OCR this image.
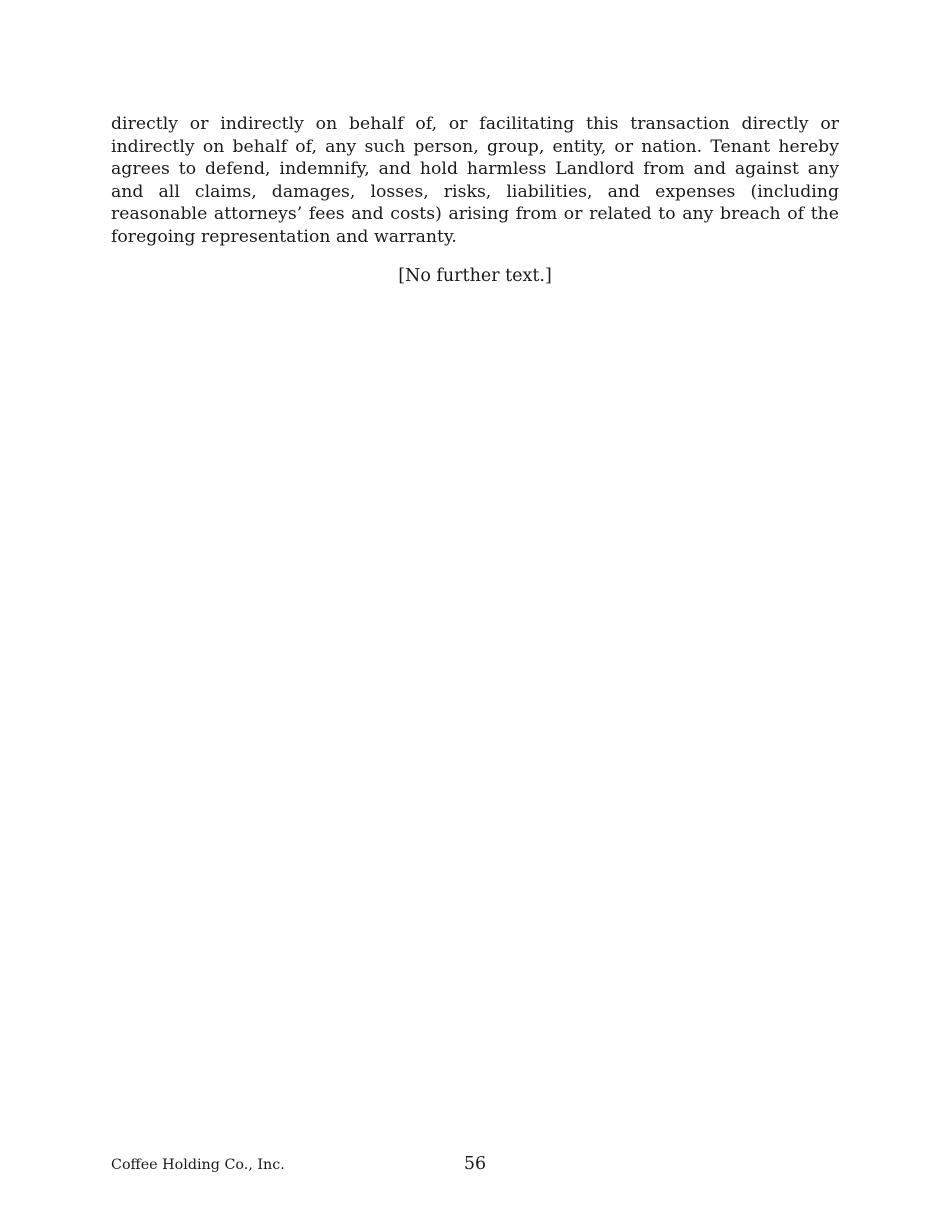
directly or indirectly on behalf of, or facilitating this transaction directly or indirectly on behalf of, any such person, group, entity, or nation. Tenant hereby agrees to defend, indemnify, and hold harmless Landlord from and against any and all claims, damages, losses, risks, liabilities, and expenses (including reasonable attorneys’ fees and costs) arising from or related to any breach of the foregoing representation and warranty.

[No further text.]

Coffee Holding Co., Inc.	56
